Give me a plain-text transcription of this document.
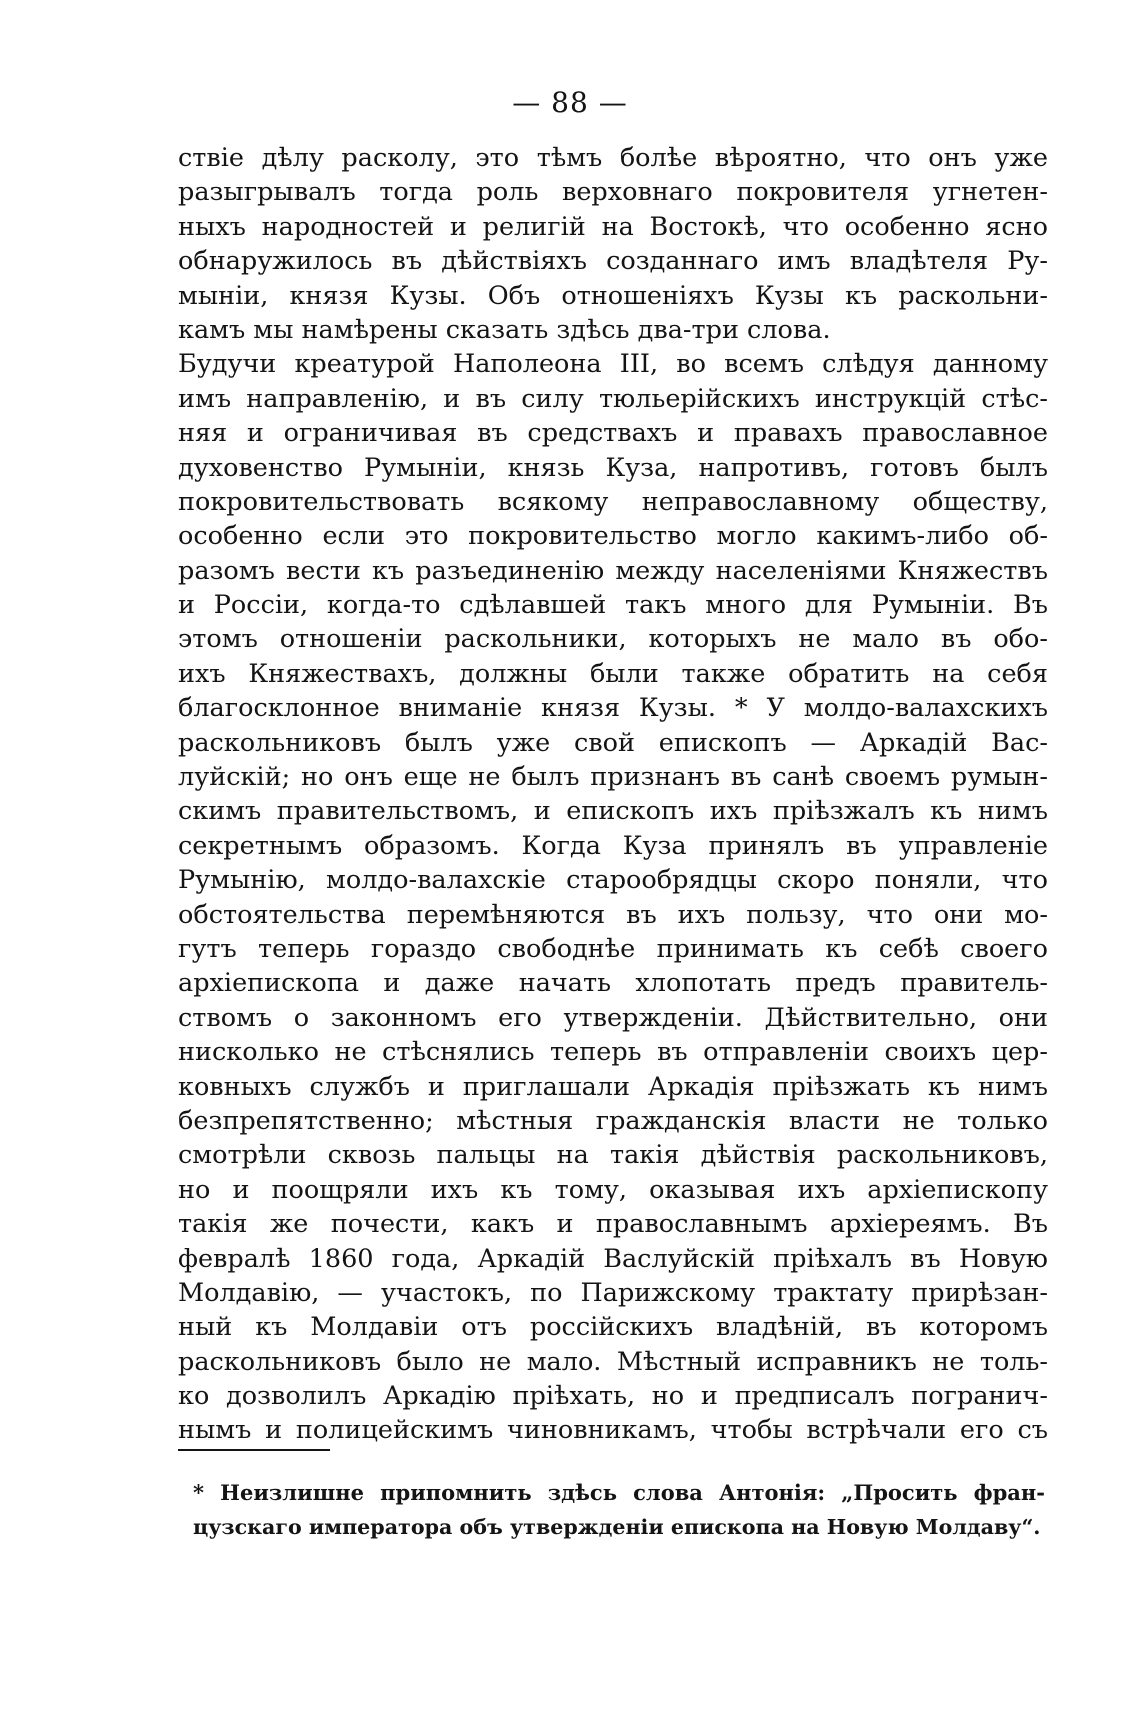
— 88 —
ствіе дѣлу расколу, это тѣмъ болѣе вѣроятно, что онъ уже
разыгрывалъ тогда роль верховнаго покровителя угнетен-
ныхъ народностей и религій на Востокѣ, что особенно ясно
обнаружилось въ дѣйствіяхъ созданнаго имъ владѣтеля Ру-
мыніи, князя Кузы. Объ отношеніяхъ Кузы къ раскольни-
камъ мы намѣрены сказать здѣсь два-три слова.
Будучи креатурой Наполеона III, во всемъ слѣдуя данному
имъ направленію, и въ силу тюльерійскихъ инструкцій стѣс-
няя и ограничивая въ средствахъ и правахъ православное
духовенство Румыніи, князь Куза, напротивъ, готовъ былъ
покровительствовать всякому неправославному обществу,
особенно если это покровительство могло какимъ-либо об-
разомъ вести къ разъединенію между населеніями Княжествъ
и Россіи, когда-то сдѣлавшей такъ много для Румыніи. Въ
этомъ отношеніи раскольники, которыхъ не мало въ обо-
ихъ Княжествахъ, должны были также обратить на себя
благосклонное вниманіе князя Кузы. * У молдо-валахскихъ
раскольниковъ былъ уже свой епископъ — Аркадій Вас-
луйскій; но онъ еще не былъ признанъ въ санѣ своемъ румын-
скимъ правительствомъ, и епископъ ихъ пріѣзжалъ къ нимъ
секретнымъ образомъ. Когда Куза принялъ въ управленіе
Румынію, молдо-валахскіе старообрядцы скоро поняли, что
обстоятельства перемѣняются въ ихъ пользу, что они мо-
гутъ теперь гораздо свободнѣе принимать къ себѣ своего
архіепископа и даже начать хлопотать предъ правитель-
ствомъ о законномъ его утвержденіи. Дѣйствительно, они
нисколько не стѣснялись теперь въ отправленіи своихъ цер-
ковныхъ службъ и приглашали Аркадія пріѣзжать къ нимъ
безпрепятственно; мѣстныя гражданскія власти не только
смотрѣли сквозь пальцы на такія дѣйствія раскольниковъ,
но и поощряли ихъ къ тому, оказывая ихъ архіепископу
такія же почести, какъ и православнымъ архіереямъ. Въ
февралѣ 1860 года, Аркадій Васлуйскій пріѣхалъ въ Новую
Молдавію, — участокъ, по Парижскому трактату прирѣзан-
ный къ Молдавіи отъ россійскихъ владѣній, въ которомъ
раскольниковъ было не мало. Мѣстный исправникъ не толь-
ко дозволилъ Аркадію пріѣхать, но и предписалъ погранич-
нымъ и полицейскимъ чиновникамъ, чтобы встрѣчали его съ
* Неизлишне припомнить здѣсь слова Антонія: „Просить фран-
цузскаго императора объ утвержденіи епископа на Новую Молдаву“.
